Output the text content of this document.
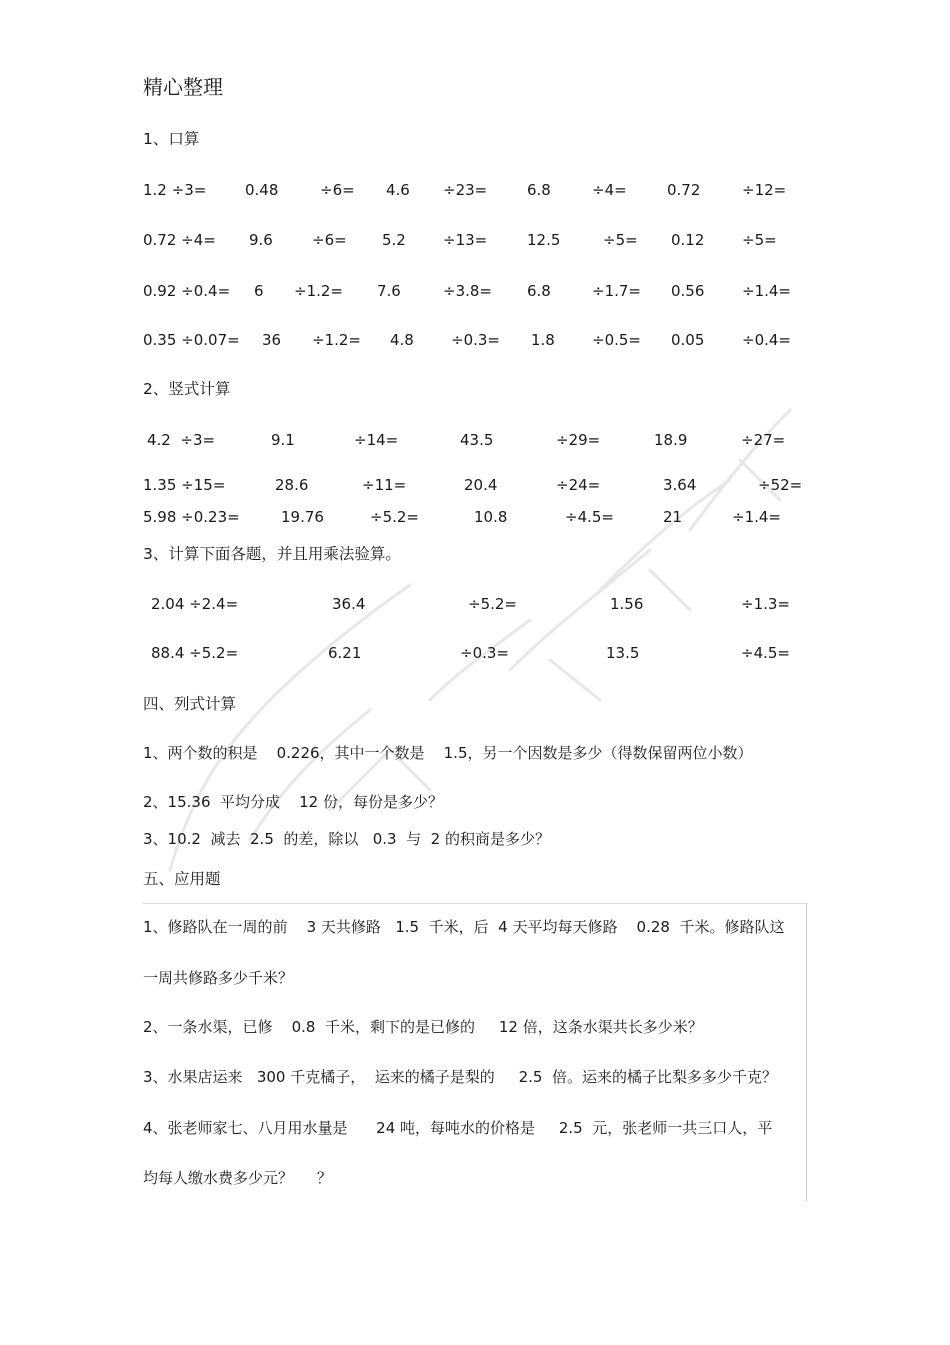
精心整理
1、口算
1.2 ÷3=	0.48	÷6= 4.6 ÷23=	6.8	÷4=	0.72	÷12=
0.72 ÷4= 9.6	÷6= 5.2 ÷13=	12.5	÷5= 0.12	÷5=
0.92 ÷0.4= 6 ÷1.2= 7.6	÷3.8= 6.8	÷1.7= 0.56	÷1.4=
0.35 ÷0.07= 36 ÷1.2= 4.8 ÷0.3= 1.8 ÷0.5= 0.05	÷0.4=
2、竖式计算
4.2  ÷3=	9.1	÷14=	43.5	÷29=	18.9	÷27=
1.35 ÷15=	28.6	÷11=	20.4	÷24=	3.64	÷52=
5.98 ÷0.23=	19.76	÷5.2=	10.8	÷4.5=	21	÷1.4=
3、计算下面各题，并且用乘法验算。
2.04 ÷2.4=	36.4	÷5.2=	1.56	÷1.3=
88.4 ÷5.2=	6.21	÷0.3=	13.5	÷4.5=
四、列式计算
1、两个数的积是    0.226，其中一个数是    1.5，另一个因数是多少（得数保留两位小数）
2、15.36  平均分成    12 份，每份是多少？
3、10.2  减去  2.5  的差，除以   0.3  与  2 的积商是多少？
五、应用题
1、修路队在一周的前    3 天共修路   1.5  千米，后  4 天平均每天修路    0.28  千米。修路队这
一周共修路多少千米？
2、一条水渠，已修    0.8  千米，剩下的是已修的     12 倍，这条水渠共长多少米？
3、水果店运来   300 千克橘子，  运来的橘子是梨的     2.5  倍。运来的橘子比梨多多少千克？
4、张老师家七、八月用水量是      24 吨，每吨水的价格是     2.5  元，张老师一共三口人，平
均每人缴水费多少元？     ？
